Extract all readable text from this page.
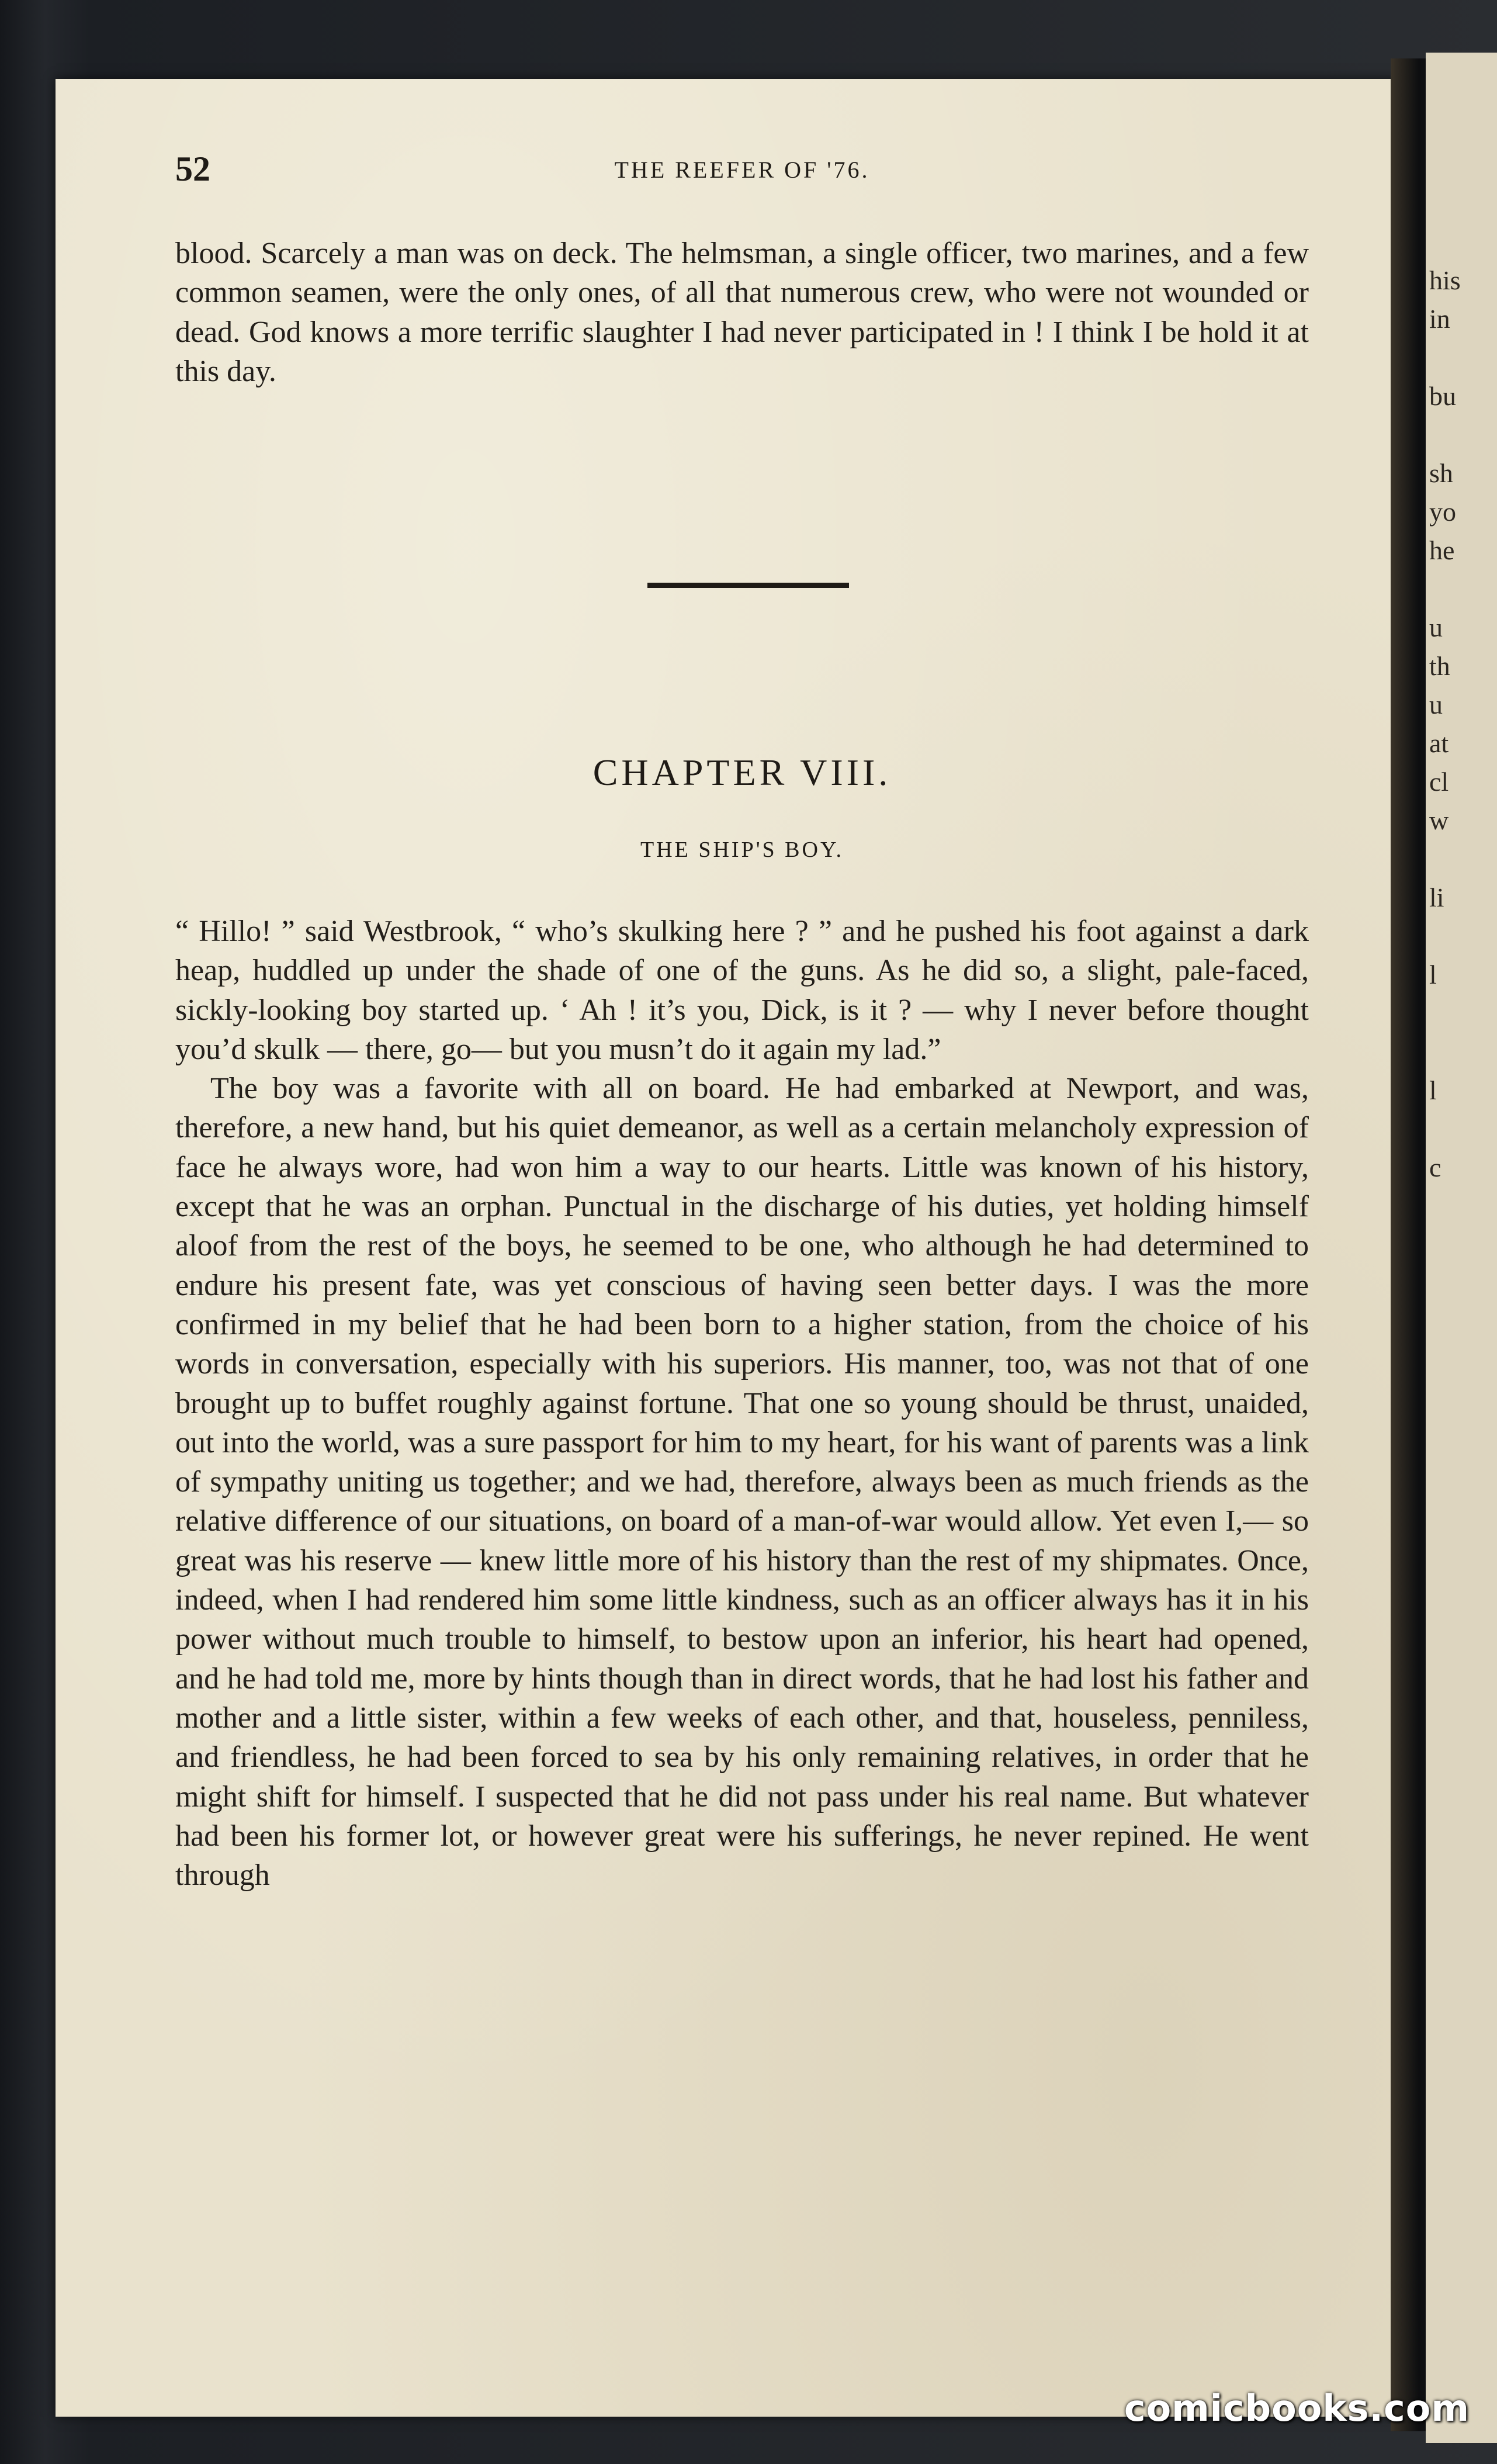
his
in
bu
sh
yo
he
u
th
u
at
cl
w
li
l
l
c
52	THE REEFER OF '76.

blood. Scarcely a man was on deck. The helmsman, a single officer, two marines, and a few common seamen, were the only ones, of all that numerous crew, who were not wounded or dead. God knows a more terrific slaughter I had never participated in ! I think I be hold it at this day.

CHAPTER VIII.
THE SHIP'S BOY.

“ Hillo! ” said Westbrook, “ who’s skulking here ? ” and he pushed his foot against a dark heap, huddled up under the shade of one of the guns. As he did so, a slight, pale-faced, sickly-looking boy started up. ‘ Ah ! it’s you, Dick, is it ? — why I never before thought you’d skulk — there, go— but you musn’t do it again my lad.”

The boy was a favorite with all on board. He had embarked at Newport, and was, therefore, a new hand, but his quiet demeanor, as well as a certain melancholy expression of face he always wore, had won him a way to our hearts. Little was known of his history, except that he was an orphan. Punctual in the discharge of his duties, yet holding himself aloof from the rest of the boys, he seemed to be one, who although he had determined to endure his present fate, was yet conscious of having seen better days. I was the more confirmed in my belief that he had been born to a higher station, from the choice of his words in conversation, especially with his superiors. His manner, too, was not that of one brought up to buffet roughly against fortune. That one so young should be thrust, unaided, out into the world, was a sure passport for him to my heart, for his want of parents was a link of sympathy uniting us together; and we had, therefore, always been as much friends as the relative difference of our situations, on board of a man-of-war would allow. Yet even I,— so great was his reserve — knew little more of his history than the rest of my shipmates. Once, indeed, when I had rendered him some little kindness, such as an officer always has it in his power without much trouble to himself, to bestow upon an inferior, his heart had opened, and he had told me, more by hints though than in direct words, that he had lost his father and mother and a little sister, within a few weeks of each other, and that, houseless, penniless, and friendless, he had been forced to sea by his only remaining relatives, in order that he might shift for himself. I suspected that he did not pass under his real name. But whatever had been his former lot, or however great were his sufferings, he never repined. He went through

comicbooks.com
